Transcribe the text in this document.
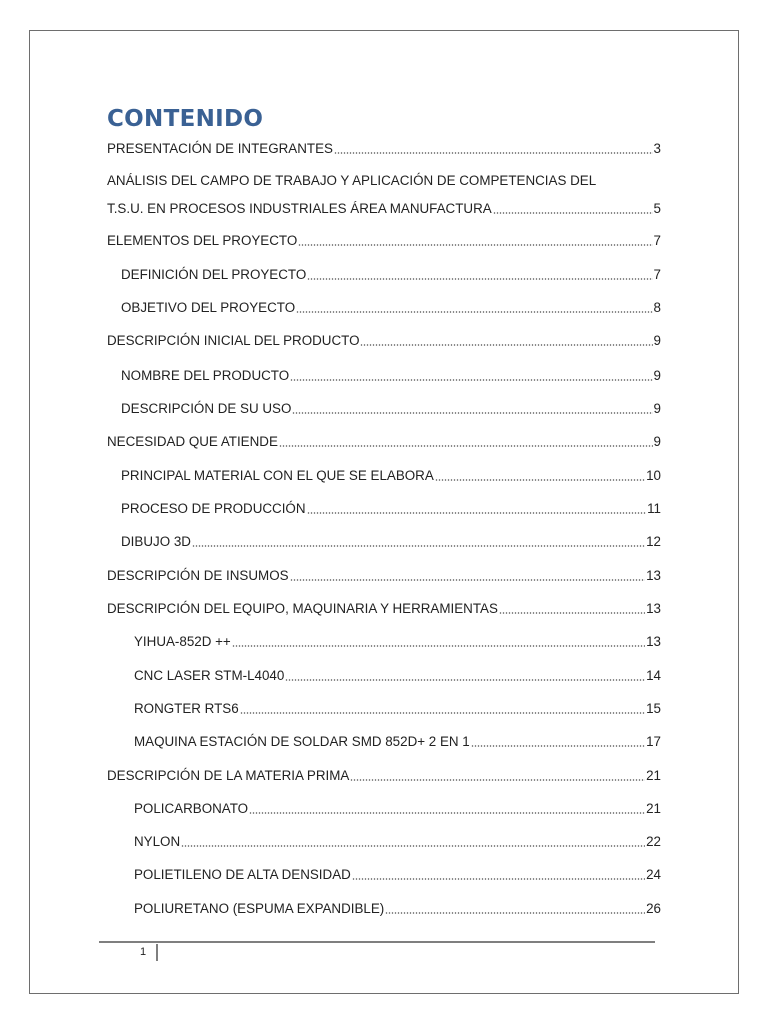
CONTENIDO
PRESENTACIÓN DE INTEGRANTES	3
ANÁLISIS DEL CAMPO DE TRABAJO Y APLICACIÓN DE COMPETENCIAS DEL
T.S.U. EN PROCESOS INDUSTRIALES ÁREA MANUFACTURA	5
ELEMENTOS DEL PROYECTO	7
DEFINICIÓN DEL PROYECTO	7
OBJETIVO DEL PROYECTO	8
DESCRIPCIÓN INICIAL DEL PRODUCTO	9
NOMBRE DEL PRODUCTO	9
DESCRIPCIÓN DE SU USO	9
NECESIDAD QUE ATIENDE	9
PRINCIPAL MATERIAL CON EL QUE SE ELABORA	10
PROCESO DE PRODUCCIÓN	11
DIBUJO 3D	12
DESCRIPCIÓN DE INSUMOS	13
DESCRIPCIÓN DEL EQUIPO, MAQUINARIA Y HERRAMIENTAS	13
YIHUA-852D ++	13
CNC LASER STM-L4040	14
RONGTER RTS6	15
MAQUINA ESTACIÓN DE SOLDAR SMD 852D+ 2 EN 1	17
DESCRIPCIÓN DE LA MATERIA PRIMA	21
POLICARBONATO	21
NYLON	22
POLIETILENO DE ALTA DENSIDAD	24
POLIURETANO (ESPUMA EXPANDIBLE)	26
1
